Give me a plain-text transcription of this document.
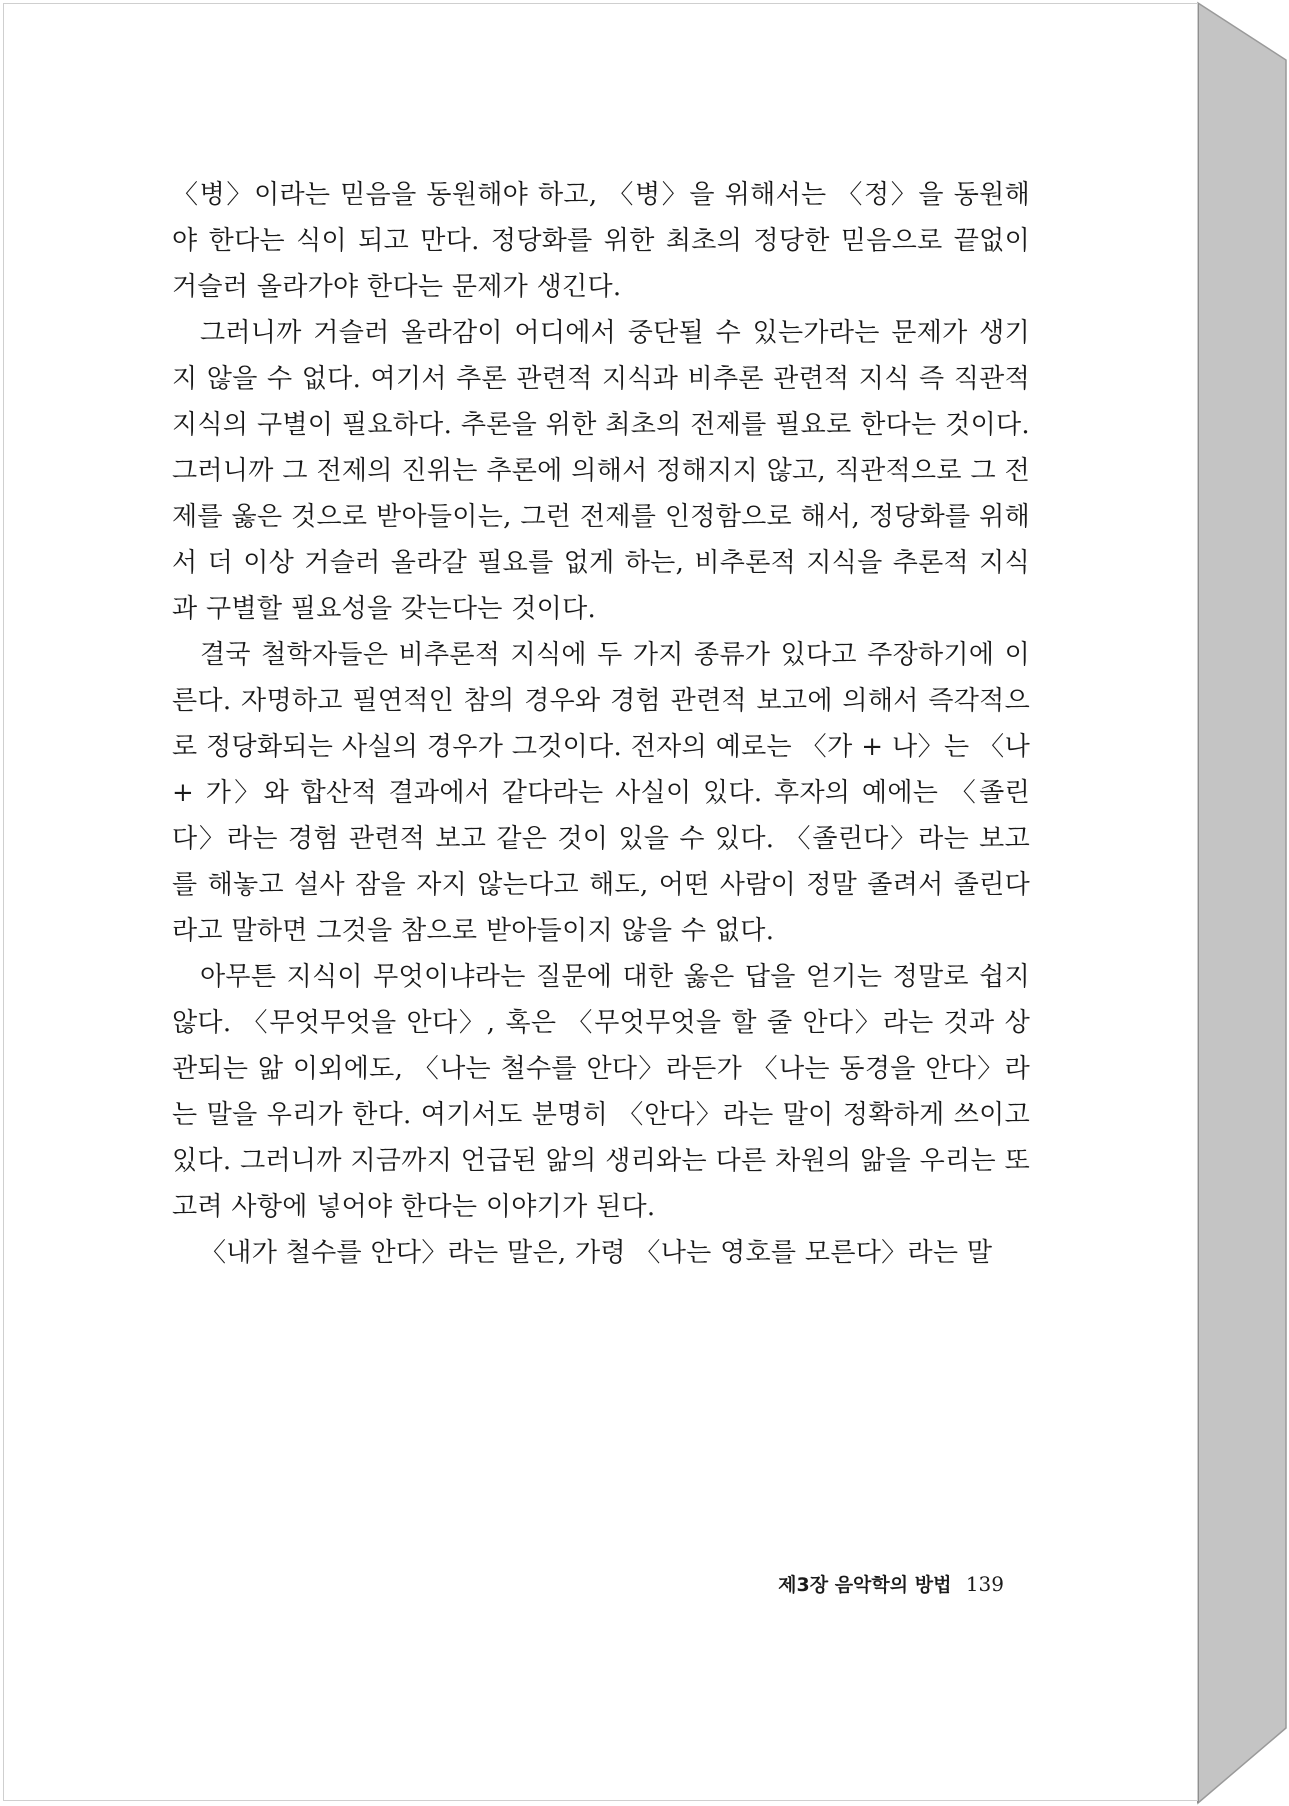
〈병〉이라는 믿음을 동원해야 하고, 〈병〉을 위해서는 〈정〉을 동원해야 한다는 식이 되고 만다. 정당화를 위한 최초의 정당한 믿음으로 끝없이 거슬러 올라가야 한다는 문제가 생긴다.

그러니까 거슬러 올라감이 어디에서 중단될 수 있는가라는 문제가 생기지 않을 수 없다. 여기서 추론 관련적 지식과 비추론 관련적 지식 즉 직관적 지식의 구별이 필요하다. 추론을 위한 최초의 전제를 필요로 한다는 것이다. 그러니까 그 전제의 진위는 추론에 의해서 정해지지 않고, 직관적으로 그 전제를 옳은 것으로 받아들이는, 그런 전제를 인정함으로 해서, 정당화를 위해서 더 이상 거슬러 올라갈 필요를 없게 하는, 비추론적 지식을 추론적 지식과 구별할 필요성을 갖는다는 것이다.

결국 철학자들은 비추론적 지식에 두 가지 종류가 있다고 주장하기에 이른다. 자명하고 필연적인 참의 경우와 경험 관련적 보고에 의해서 즉각적으로 정당화되는 사실의 경우가 그것이다. 전자의 예로는 〈가 + 나〉는 〈나 + 가〉와 합산적 결과에서 같다라는 사실이 있다. 후자의 예에는 〈졸린다〉라는 경험 관련적 보고 같은 것이 있을 수 있다. 〈졸린다〉라는 보고를 해놓고 설사 잠을 자지 않는다고 해도, 어떤 사람이 정말 졸려서 졸린다라고 말하면 그것을 참으로 받아들이지 않을 수 없다.

아무튼 지식이 무엇이냐라는 질문에 대한 옳은 답을 얻기는 정말로 쉽지 않다. 〈무엇무엇을 안다〉, 혹은 〈무엇무엇을 할 줄 안다〉라는 것과 상관되는 앎 이외에도, 〈나는 철수를 안다〉라든가 〈나는 동경을 안다〉라는 말을 우리가 한다. 여기서도 분명히 〈안다〉라는 말이 정확하게 쓰이고 있다. 그러니까 지금까지 언급된 앎의 생리와는 다른 차원의 앎을 우리는 또 고려 사항에 넣어야 한다는 이야기가 된다.

〈내가 철수를 안다〉라는 말은, 가령 〈나는 영호를 모른다〉라는 말

제3장 음악학의 방법 139
